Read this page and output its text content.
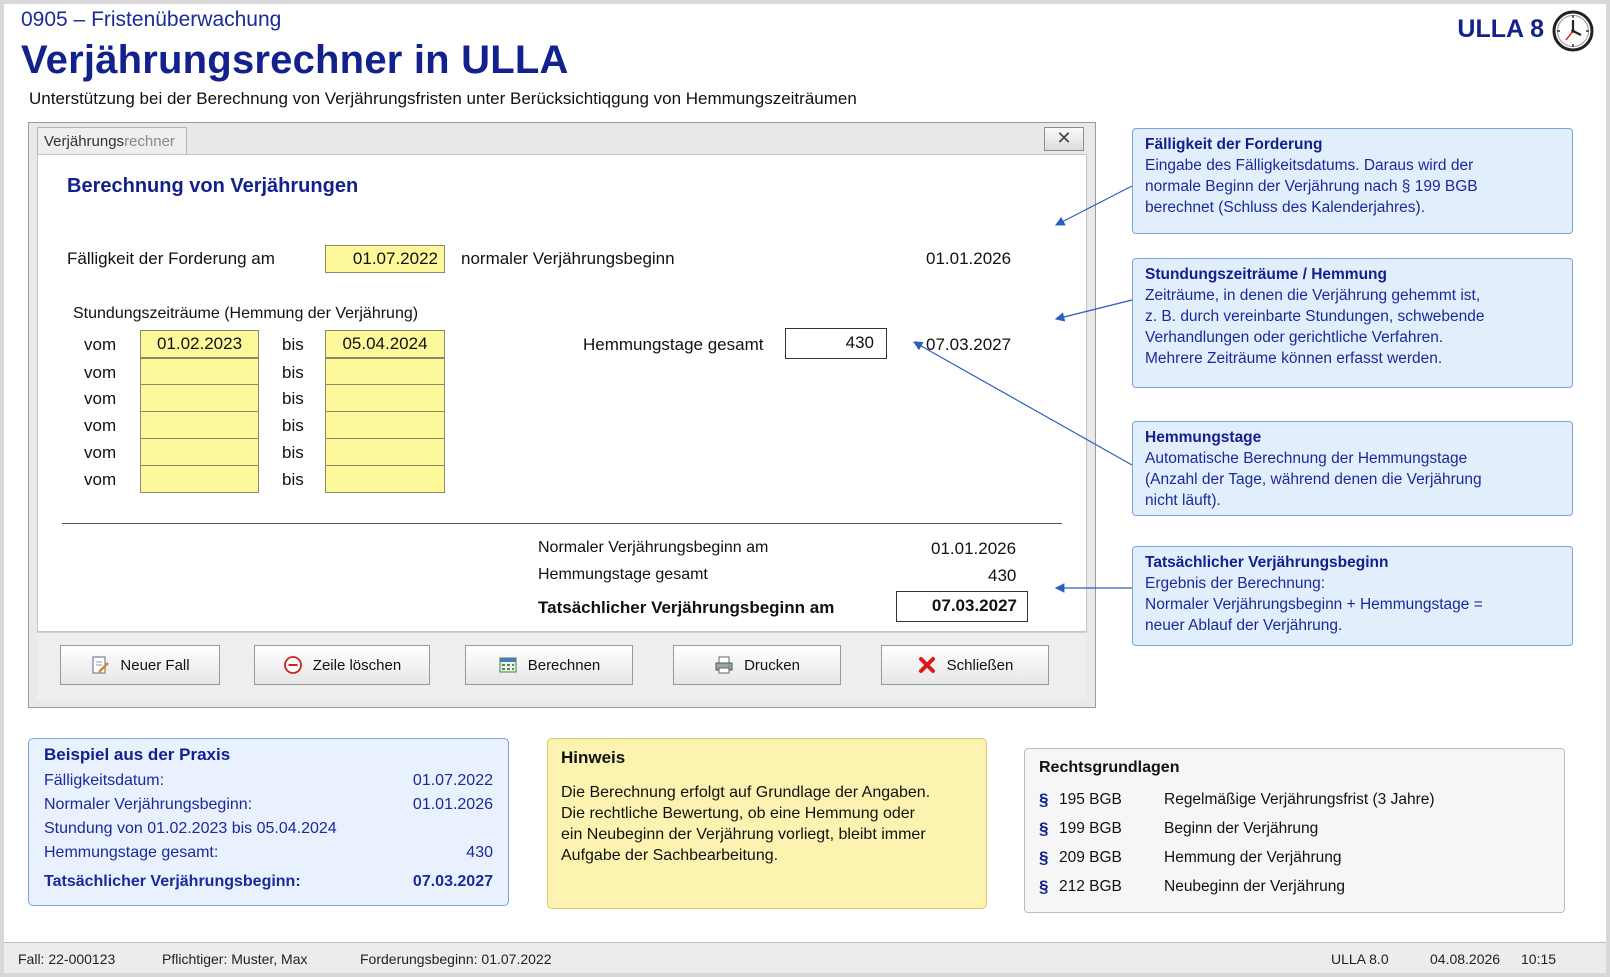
0905 – Fristenüberwachung
Verjährungsrechner in ULLA
Unterstützung bei der Berechnung von Verjährungsfristen unter Berücksichtiqgung von Hemmungszeiträumen
ULLA 8
Verjährungsrechner	✕
Berechnung von Verjährungen
Fälligkeit der Forderung am	01.07.2022	normaler Verjährungsbeginn	01.01.2026
Stundungszeiträume (Hemmung der Verjährung)
vom	01.02.2023	bis	05.04.2024
vom	bis
vom	bis
vom	bis
vom	bis
vom	bis
Hemmungstage gesamt	430	07.03.2027
Normaler Verjährungsbeginn am	01.01.2026
Hemmungstage gesamt	430
Tatsächlicher Verjährungsbeginn am	07.03.2027
Neuer Fall	Zeile löschen	Berechnen	Drucken	Schließen
Fälligkeit der Forderung
Eingabe des Fälligkeitsdatums. Daraus wird der
normale Beginn der Verjährung nach § 199 BGB
berechnet (Schluss des Kalenderjahres).
Stundungszeiträume / Hemmung
Zeiträume, in denen die Verjährung gehemmt ist,
z. B. durch vereinbarte Stundungen, schwebende
Verhandlungen oder gerichtliche Verfahren.
Mehrere Zeiträume können erfasst werden.
Hemmungstage
Automatische Berechnung der Hemmungstage
(Anzahl der Tage, während denen die Verjährung
nicht läuft).
Tatsächlicher Verjährungsbeginn
Ergebnis der Berechnung:
Normaler Verjährungsbeginn + Hemmungstage =
neuer Ablauf der Verjährung.
Beispiel aus der Praxis
Fälligkeitsdatum:	01.07.2022
Normaler Verjährungsbeginn:	01.01.2026
Stundung von 01.02.2023 bis 05.04.2024
Hemmungstage gesamt:	430
Tatsächlicher Verjährungsbeginn:	07.03.2027
Hinweis
Die Berechnung erfolgt auf Grundlage der Angaben.
Die rechtliche Bewertung, ob eine Hemmung oder
ein Neubeginn der Verjährung vorliegt, bleibt immer
Aufgabe der Sachbearbeitung.
Rechtsgrundlagen
§ 195 BGB	Regelmäßige Verjährungsfrist (3 Jahre)
§ 199 BGB	Beginn der Verjährung
§ 209 BGB	Hemmung der Verjährung
§ 212 BGB	Neubeginn der Verjährung
Fall: 22-000123	Pflichtiger: Muster, Max	Forderungsbeginn: 01.07.2022	ULLA 8.0	04.08.2026 10:15
